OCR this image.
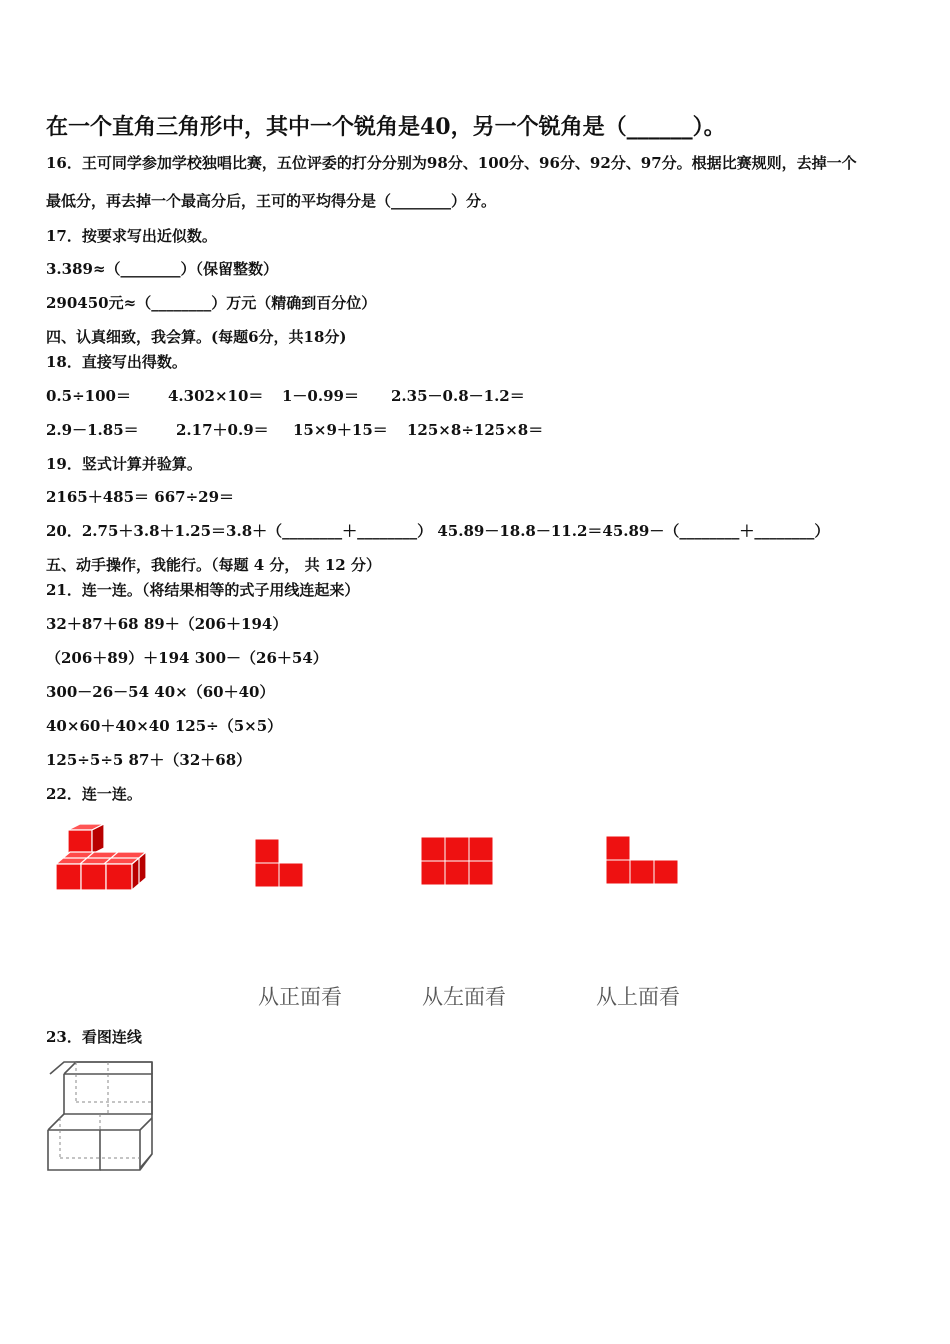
在一个直角三角形中，其中一个锐角是40，另一个锐角是（______）。
16．王可同学参加学校独唱比赛，五位评委的打分分别为98分、100分、96分、92分、97分。根据比赛规则，去掉一个
最低分，再去掉一个最高分后，王可的平均得分是（________）分。
17．按要求写出近似数。
3.389≈（________）（保留整数）
290450元≈（________）万元（精确到百分位）
四、认真细致，我会算。(每题6分，共18分)
18．直接写出得数。
0.5÷100＝ 4.302×10＝ 1－0.99＝ 2.35－0.8－1.2＝
2.9－1.85＝ 2.17＋0.9＝ 15×9＋15＝ 125×8÷125×8＝
19．竖式计算并验算。
2165＋485＝ 667÷29＝
20．2.75＋3.8＋1.25＝3.8＋（________＋________） 45.89－18.8－11.2＝45.89－（________＋________）
五、动手操作，我能行。（每题 4 分， 共 12 分）
21．连一连。（将结果相等的式子用线连起来）
32＋87＋68 89＋（206＋194）
（206＋89）＋194 300－（26＋54）
300－26－54 40×（60＋40）
40×60＋40×40 125÷（5×5）
125÷5÷5 87＋（32＋68）
22．连一连。
从正面看	从左面看	从上面看
23．看图连线
